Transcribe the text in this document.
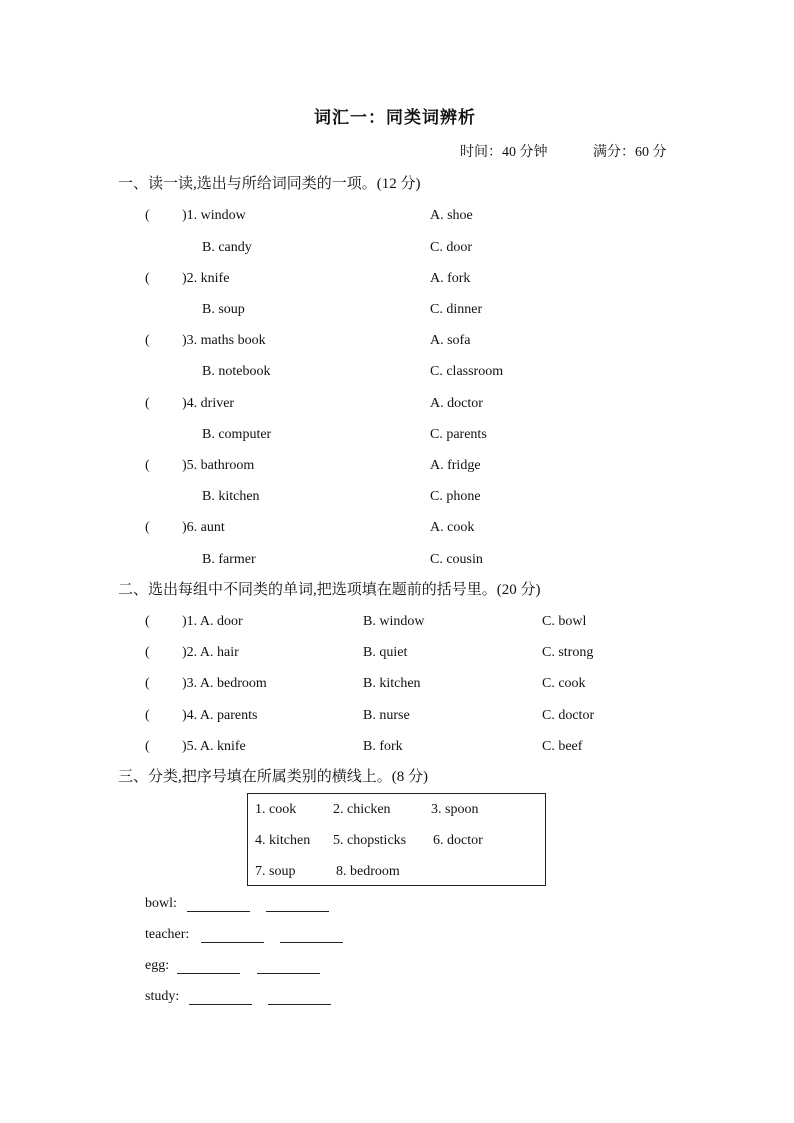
词汇一：同类词辨析
时间：40 分钟	满分：60 分
一、读一读,选出与所给词同类的一项。(12 分)
( )1. window	A. shoe
B. candy	C. door
( )2. knife	A. fork
B. soup	C. dinner
( )3. maths book	A. sofa
B. notebook	C. classroom
( )4. driver	A. doctor
B. computer	C. parents
( )5. bathroom	A. fridge
B. kitchen	C. phone
( )6. aunt	A. cook
B. farmer	C. cousin
二、选出每组中不同类的单词,把选项填在题前的括号里。(20 分)
( )1. A. door	B. window	C. bowl
( )2. A. hair	B. quiet	C. strong
( )3. A. bedroom	B. kitchen	C. cook
( )4. A. parents	B. nurse	C. doctor
( )5. A. knife	B. fork	C. beef
三、分类,把序号填在所属类别的横线上。(8 分)
1. cook	2. chicken	3. spoon
4. kitchen 5. chopsticks 6. doctor
7. soup	8. bedroom
bowl:
teacher:
egg:
study:
